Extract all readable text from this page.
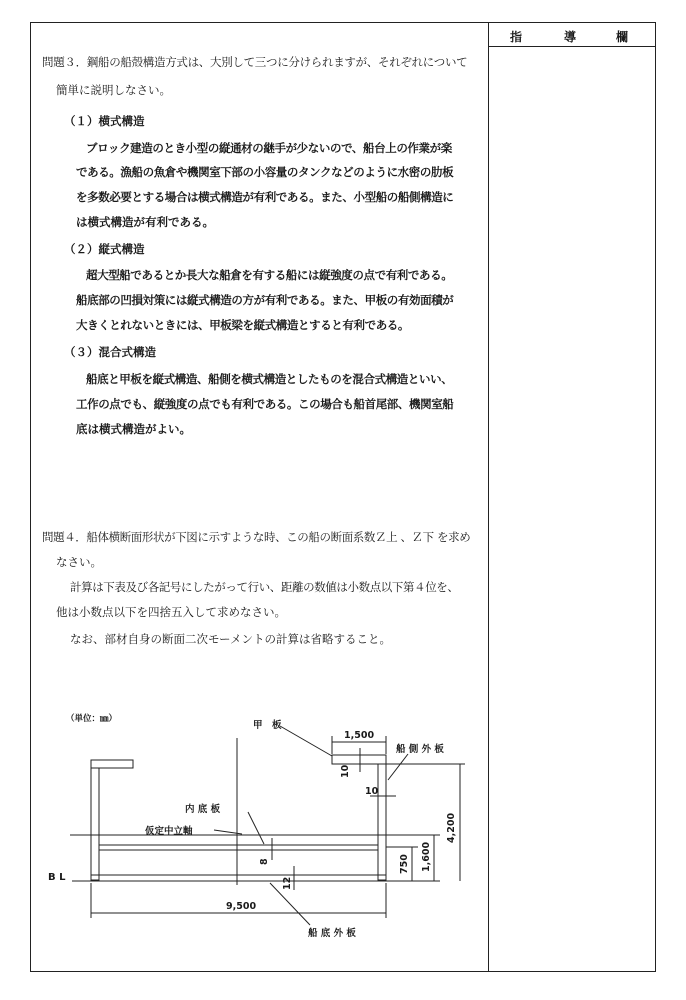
指	導	欄
問題３．鋼船の船殻構造方式は、大別して三つに分けられますが、それぞれについて
簡単に説明しなさい。
（１）横式構造
ブロック建造のとき小型の縦通材の継手が少ないので、船台上の作業が楽
である。漁船の魚倉や機関室下部の小容量のタンクなどのように水密の肋板
を多数必要とする場合は横式構造が有利である。また、小型船の船側構造に
は横式構造が有利である。
（２）縦式構造
超大型船であるとか長大な船倉を有する船には縦強度の点で有利である。
船底部の凹損対策には縦式構造の方が有利である。また、甲板の有効面積が
大きくとれないときには、甲板梁を縦式構造とすると有利である。
（３）混合式構造
船底と甲板を縦式構造、船側を横式構造としたものを混合式構造といい、
工作の点でも、縦強度の点でも有利である。この場合も船首尾部、機関室船
底は横式構造がよい。
問題４．船体横断面形状が下図に示すような時、この船の断面系数Ｚ上 、Ｚ下 を求め
なさい。
計算は下表及び各記号にしたがって行い、距離の数値は小数点以下第４位を、
他は小数点以下を四捨五入して求めなさい。
なお、部材自身の断面二次モーメントの計算は省略すること。
（単位：㎜）
甲　板
1,500
船 側 外 板
10
10
4,200
内 底 板
仮定中立軸
1,600
750
8
12
B L
9,500
船 底 外 板
